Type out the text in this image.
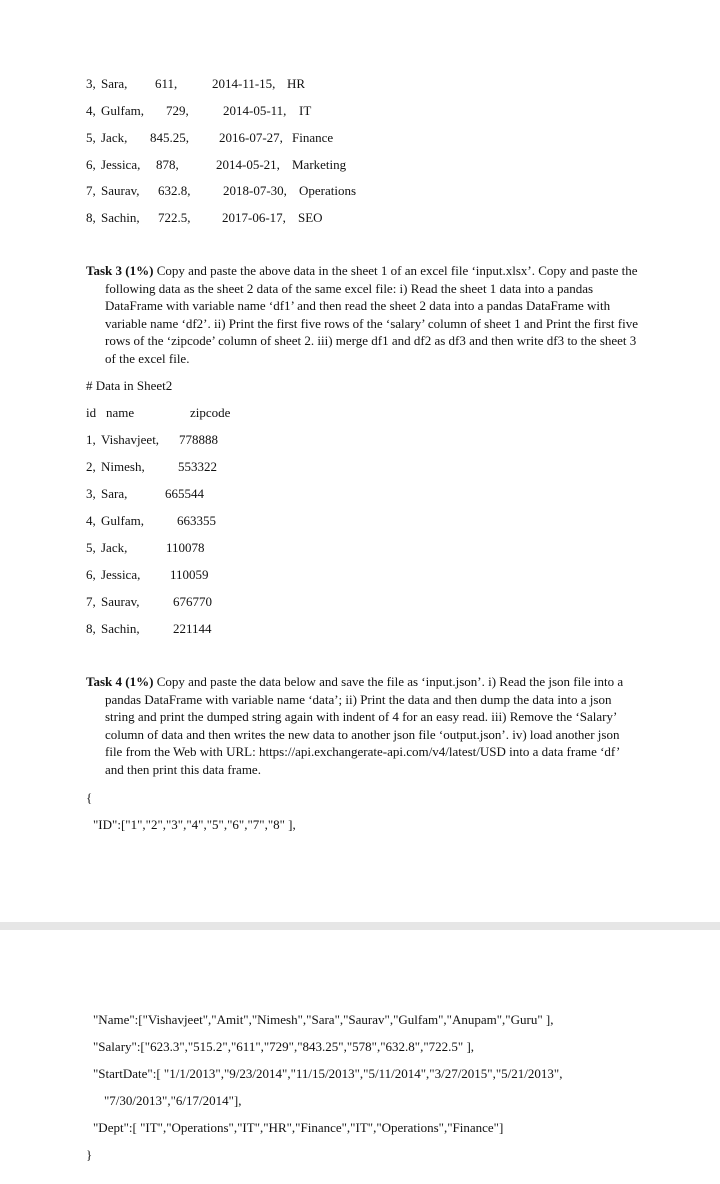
3, Sara, 611,	2014-11-15, HR
4, Gulfam, 729,	2014-05-11, IT
5, Jack, 845.25, 2016-07-27, Finance
6, Jessica, 878,	2014-05-21, Marketing
7, Saurav, 632.8,	2018-07-30, Operations
8, Sachin, 722.5, 2017-06-17, SEO
Task 3 (1%) Copy and paste the above data in the sheet 1 of an excel file ‘input.xlsx’. Copy and paste the following data as the sheet 2 data of the same excel file: i) Read the sheet 1 data into a pandas DataFrame with variable name ‘df1’ and then read the sheet 2 data into a pandas DataFrame with variable name ‘df2’. ii) Print the first five rows of the ‘salary’ column of sheet 1 and Print the first five rows of the ‘zipcode’ column of sheet 2. iii) merge df1 and df2 as df3 and then write df3 to the sheet 3 of the excel file.
# Data in Sheet2
id name	zipcode
1, Vishavjeet, 778888
2, Nimesh,	553322
3, Sara,	665544
4, Gulfam,	663355
5, Jack,	110078
6, Jessica, 110059
7, Saurav,	676770
8, Sachin,	221144
Task 4 (1%) Copy and paste the data below and save the file as ‘input.json’. i) Read the json file into a pandas DataFrame with variable name ‘data’; ii) Print the data and then dump the data into a json string and print the dumped string again with indent of 4 for an easy read. iii) Remove the ‘Salary’ column of data and then writes the new data to another json file ‘output.json’. iv) load another json file from the Web with URL: https://api.exchangerate-api.com/v4/latest/USD into a data frame ‘df’ and then print this data frame.
{
"ID":["1","2","3","4","5","6","7","8" ],
"Name":["Vishavjeet","Amit","Nimesh","Sara","Saurav","Gulfam","Anupam","Guru" ],
"Salary":["623.3","515.2","611","729","843.25","578","632.8","722.5" ],
"StartDate":[ "1/1/2013","9/23/2014","11/15/2013","5/11/2014","3/27/2015","5/21/2013",
"7/30/2013","6/17/2014"],
"Dept":[ "IT","Operations","IT","HR","Finance","IT","Operations","Finance"]
}
